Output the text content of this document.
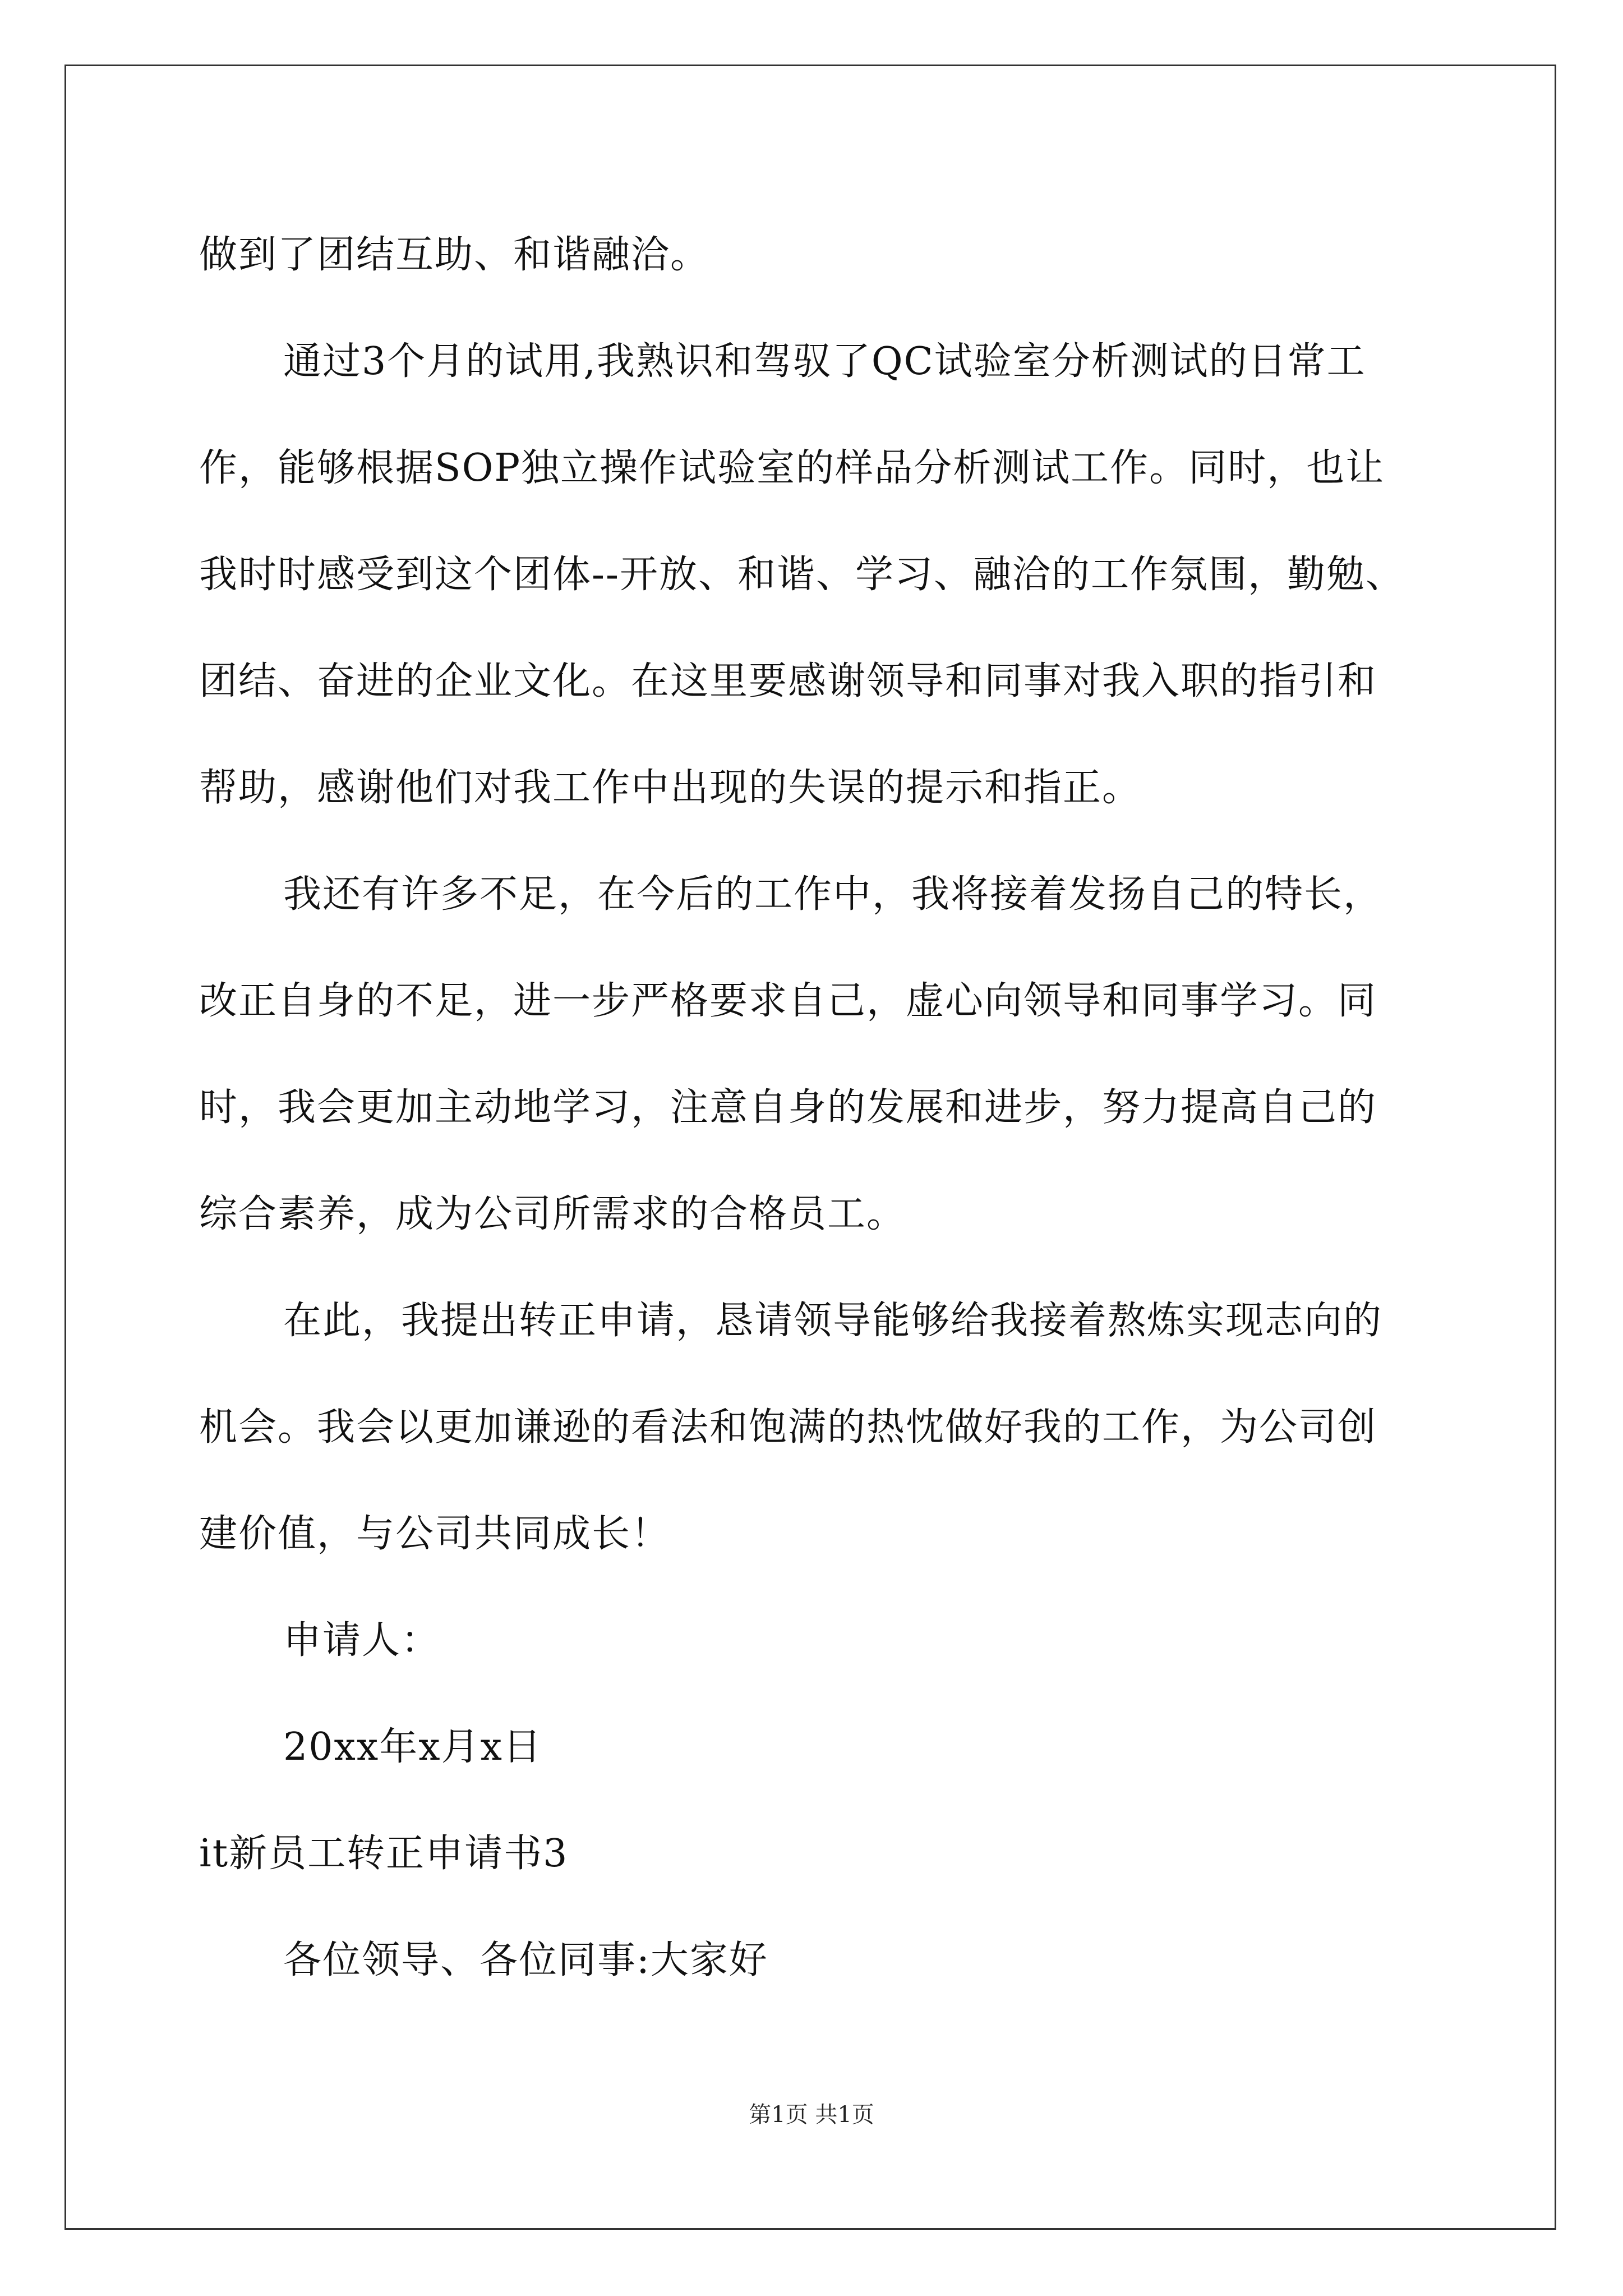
做到了团结互助、和谐融洽。
通过3个月的试用,我熟识和驾驭了QC试验室分析测试的日常工
作，能够根据SOP独立操作试验室的样品分析测试工作。同时，也让
我时时感受到这个团体--开放、和谐、学习、融洽的工作氛围，勤勉、
团结、奋进的企业文化。在这里要感谢领导和同事对我入职的指引和
帮助，感谢他们对我工作中出现的失误的提示和指正。
我还有许多不足，在今后的工作中，我将接着发扬自己的特长，
改正自身的不足，进一步严格要求自己，虚心向领导和同事学习。同
时，我会更加主动地学习，注意自身的发展和进步，努力提高自己的
综合素养，成为公司所需求的合格员工。
在此，我提出转正申请，恳请领导能够给我接着熬炼实现志向的
机会。我会以更加谦逊的看法和饱满的热忱做好我的工作，为公司创
建价值，与公司共同成长！
申请人：
20xx年x月x日
it新员工转正申请书3
各位领导、各位同事:大家好
第1页 共1页
